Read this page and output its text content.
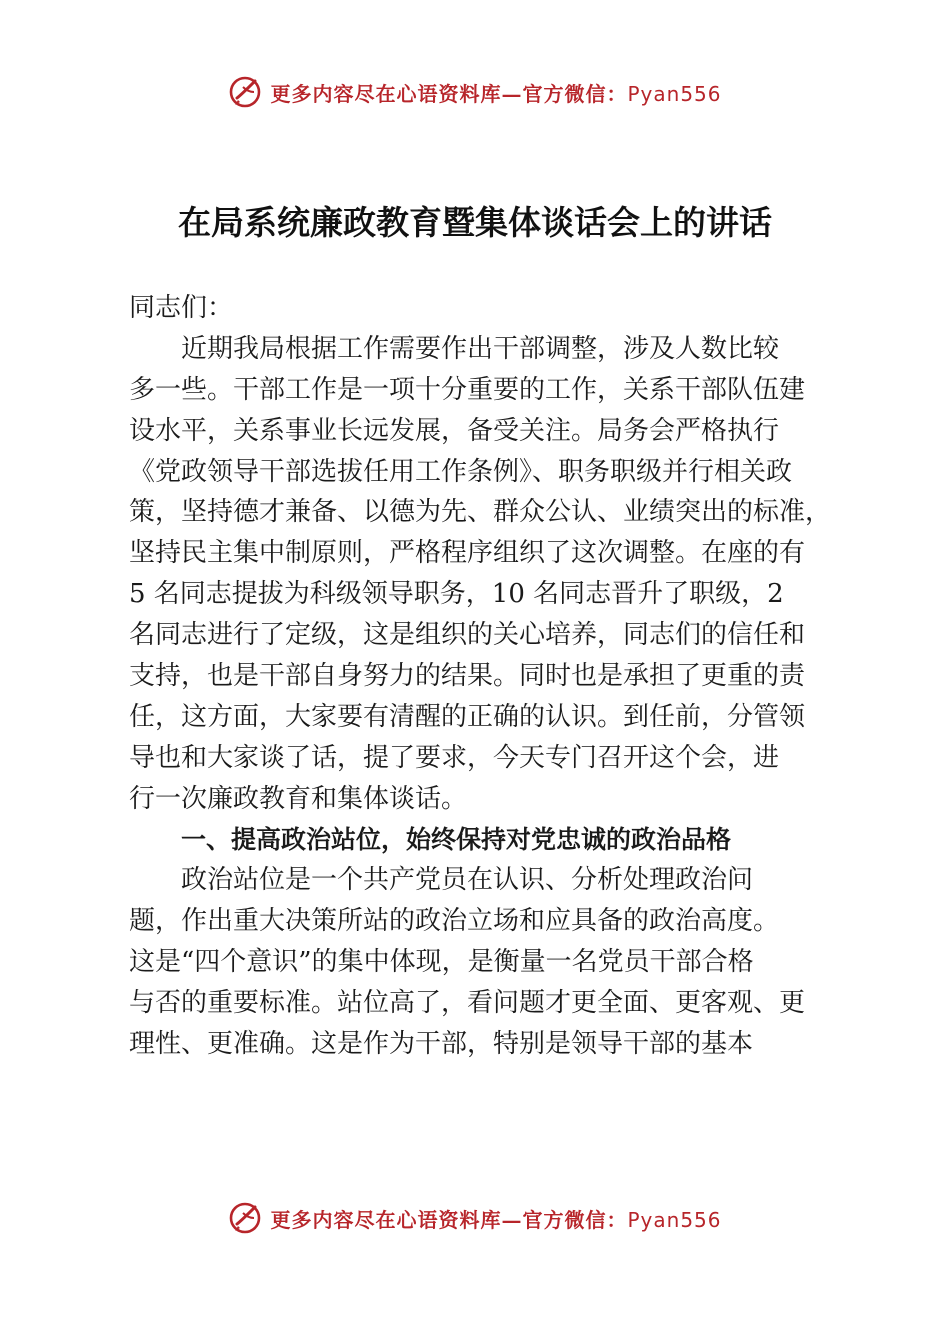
更多内容尽在心语资料库—官方微信：Pyan556
在局系统廉政教育暨集体谈话会上的讲话
同志们：
近期我局根据工作需要作出干部调整，涉及人数比较
多一些。干部工作是一项十分重要的工作，关系干部队伍建
设水平，关系事业长远发展，备受关注。局务会严格执行
《党政领导干部选拔任用工作条例》、职务职级并行相关政
策，坚持德才兼备、以德为先、群众公认、业绩突出的标准，
坚持民主集中制原则，严格程序组织了这次调整。在座的有
5 名同志提拔为科级领导职务，10 名同志晋升了职级，2
名同志进行了定级，这是组织的关心培养，同志们的信任和
支持，也是干部自身努力的结果。同时也是承担了更重的责
任，这方面，大家要有清醒的正确的认识。到任前，分管领
导也和大家谈了话，提了要求，今天专门召开这个会，进
行一次廉政教育和集体谈话。
一、提高政治站位，始终保持对党忠诚的政治品格
政治站位是一个共产党员在认识、分析处理政治问
题，作出重大决策所站的政治立场和应具备的政治高度。
这是“四个意识”的集中体现，是衡量一名党员干部合格
与否的重要标准。站位高了，看问题才更全面、更客观、更
理性、更准确。这是作为干部，特别是领导干部的基本
更多内容尽在心语资料库—官方微信：Pyan556
